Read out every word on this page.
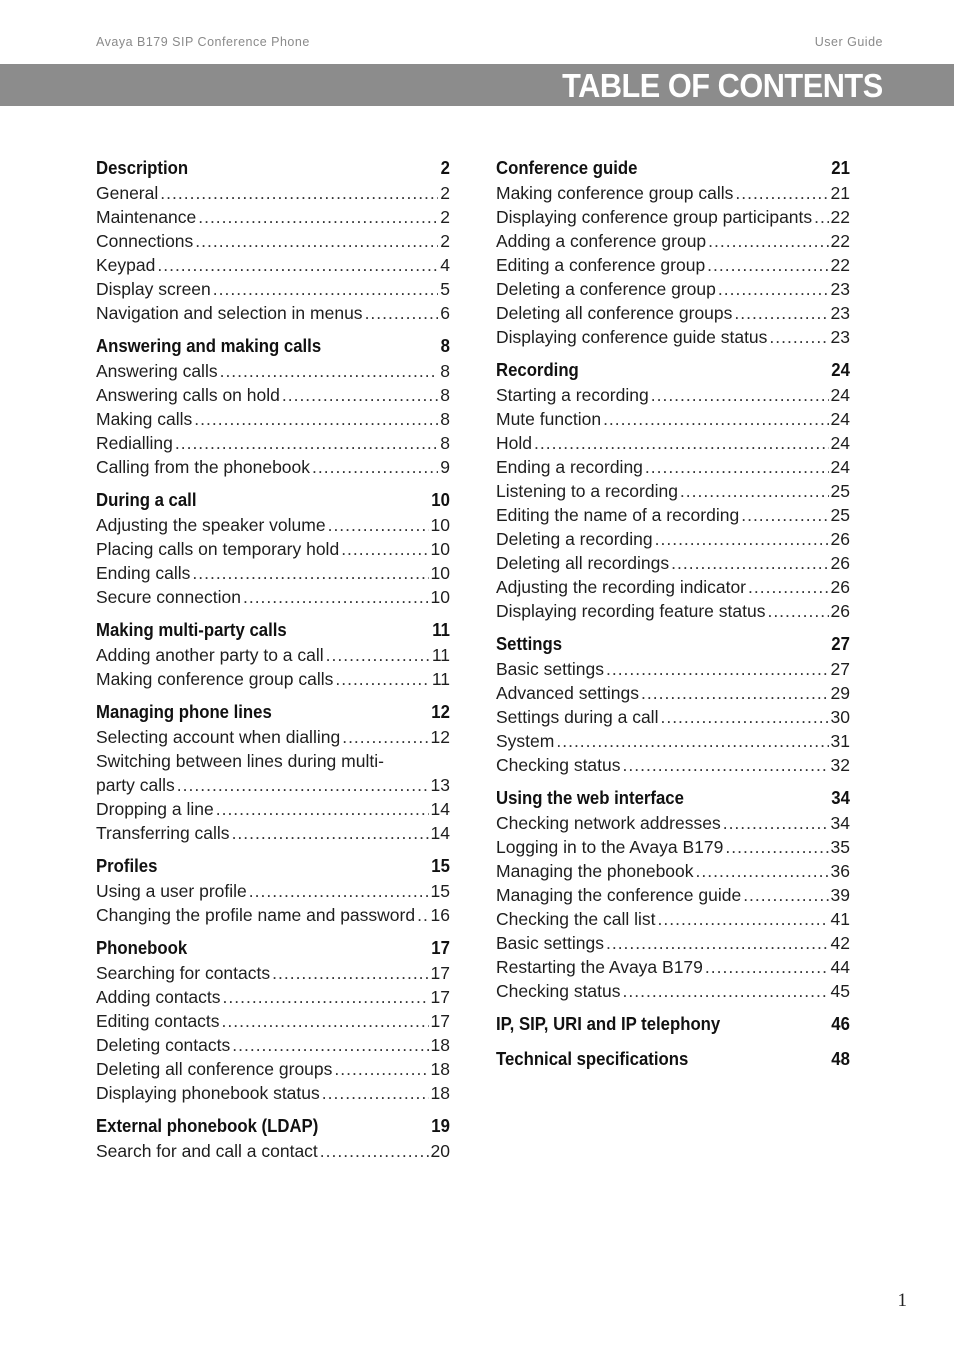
Avaya B179 SIP Conference Phone	User Guide
TABLE OF CONTENTS
Description	2
General .....	2
Maintenance .....	2
Connections .....	2
Keypad .....	4
Display screen .....	5
Navigation and selection in menus .....	6
Answering and making calls	8
Answering calls .....	8
Answering calls on hold .....	8
Making calls .....	8
Redialling .....	8
Calling from the phonebook .....	9
During a call	10
Adjusting the speaker volume .....	10
Placing calls on temporary hold .....	10
Ending calls .....	10
Secure connection .....	10
Making multi-party calls	11
Adding another party to a call .....	11
Making conference group calls .....	11
Managing phone lines	12
Selecting account when dialling .....	12
Switching between lines during multi-
party calls .....	13
Dropping a line .....	14
Transferring calls .....	14
Profiles	15
Using a user profile .....	15
Changing the profile name and password ..... 16
Phonebook	17
Searching for contacts .....	17
Adding contacts .....	17
Editing contacts .....	17
Deleting contacts .....	18
Deleting all conference groups .....	18
Displaying phonebook status .....	18
External phonebook (LDAP)	19
Search for and call a contact .....	20
Conference guide	21
Making conference group calls .....	21
Displaying conference group participants ..... 22
Adding a conference group .....	22
Editing a conference group .....	22
Deleting a conference group .....	23
Deleting all conference groups .....	23
Displaying conference guide status .....	23
Recording	24
Starting a recording .....	24
Mute function .....	24
Hold .....	24
Ending a recording .....	24
Listening to a recording .....	25
Editing the name of a recording .....	25
Deleting a recording .....	26
Deleting all recordings .....	26
Adjusting the recording indicator .....	26
Displaying recording feature status .....	26
Settings	27
Basic settings .....	27
Advanced settings .....	29
Settings during a call .....	30
System .....	31
Checking status .....	32
Using the web interface	34
Checking network addresses .....	34
Logging in to the Avaya B179 .....	35
Managing the phonebook .....	36
Managing the conference guide .....	39
Checking the call list .....	41
Basic settings .....	42
Restarting the Avaya B179 .....	44
Checking status .....	45
IP, SIP, URI and IP telephony	46
Technical specifications	48
1
